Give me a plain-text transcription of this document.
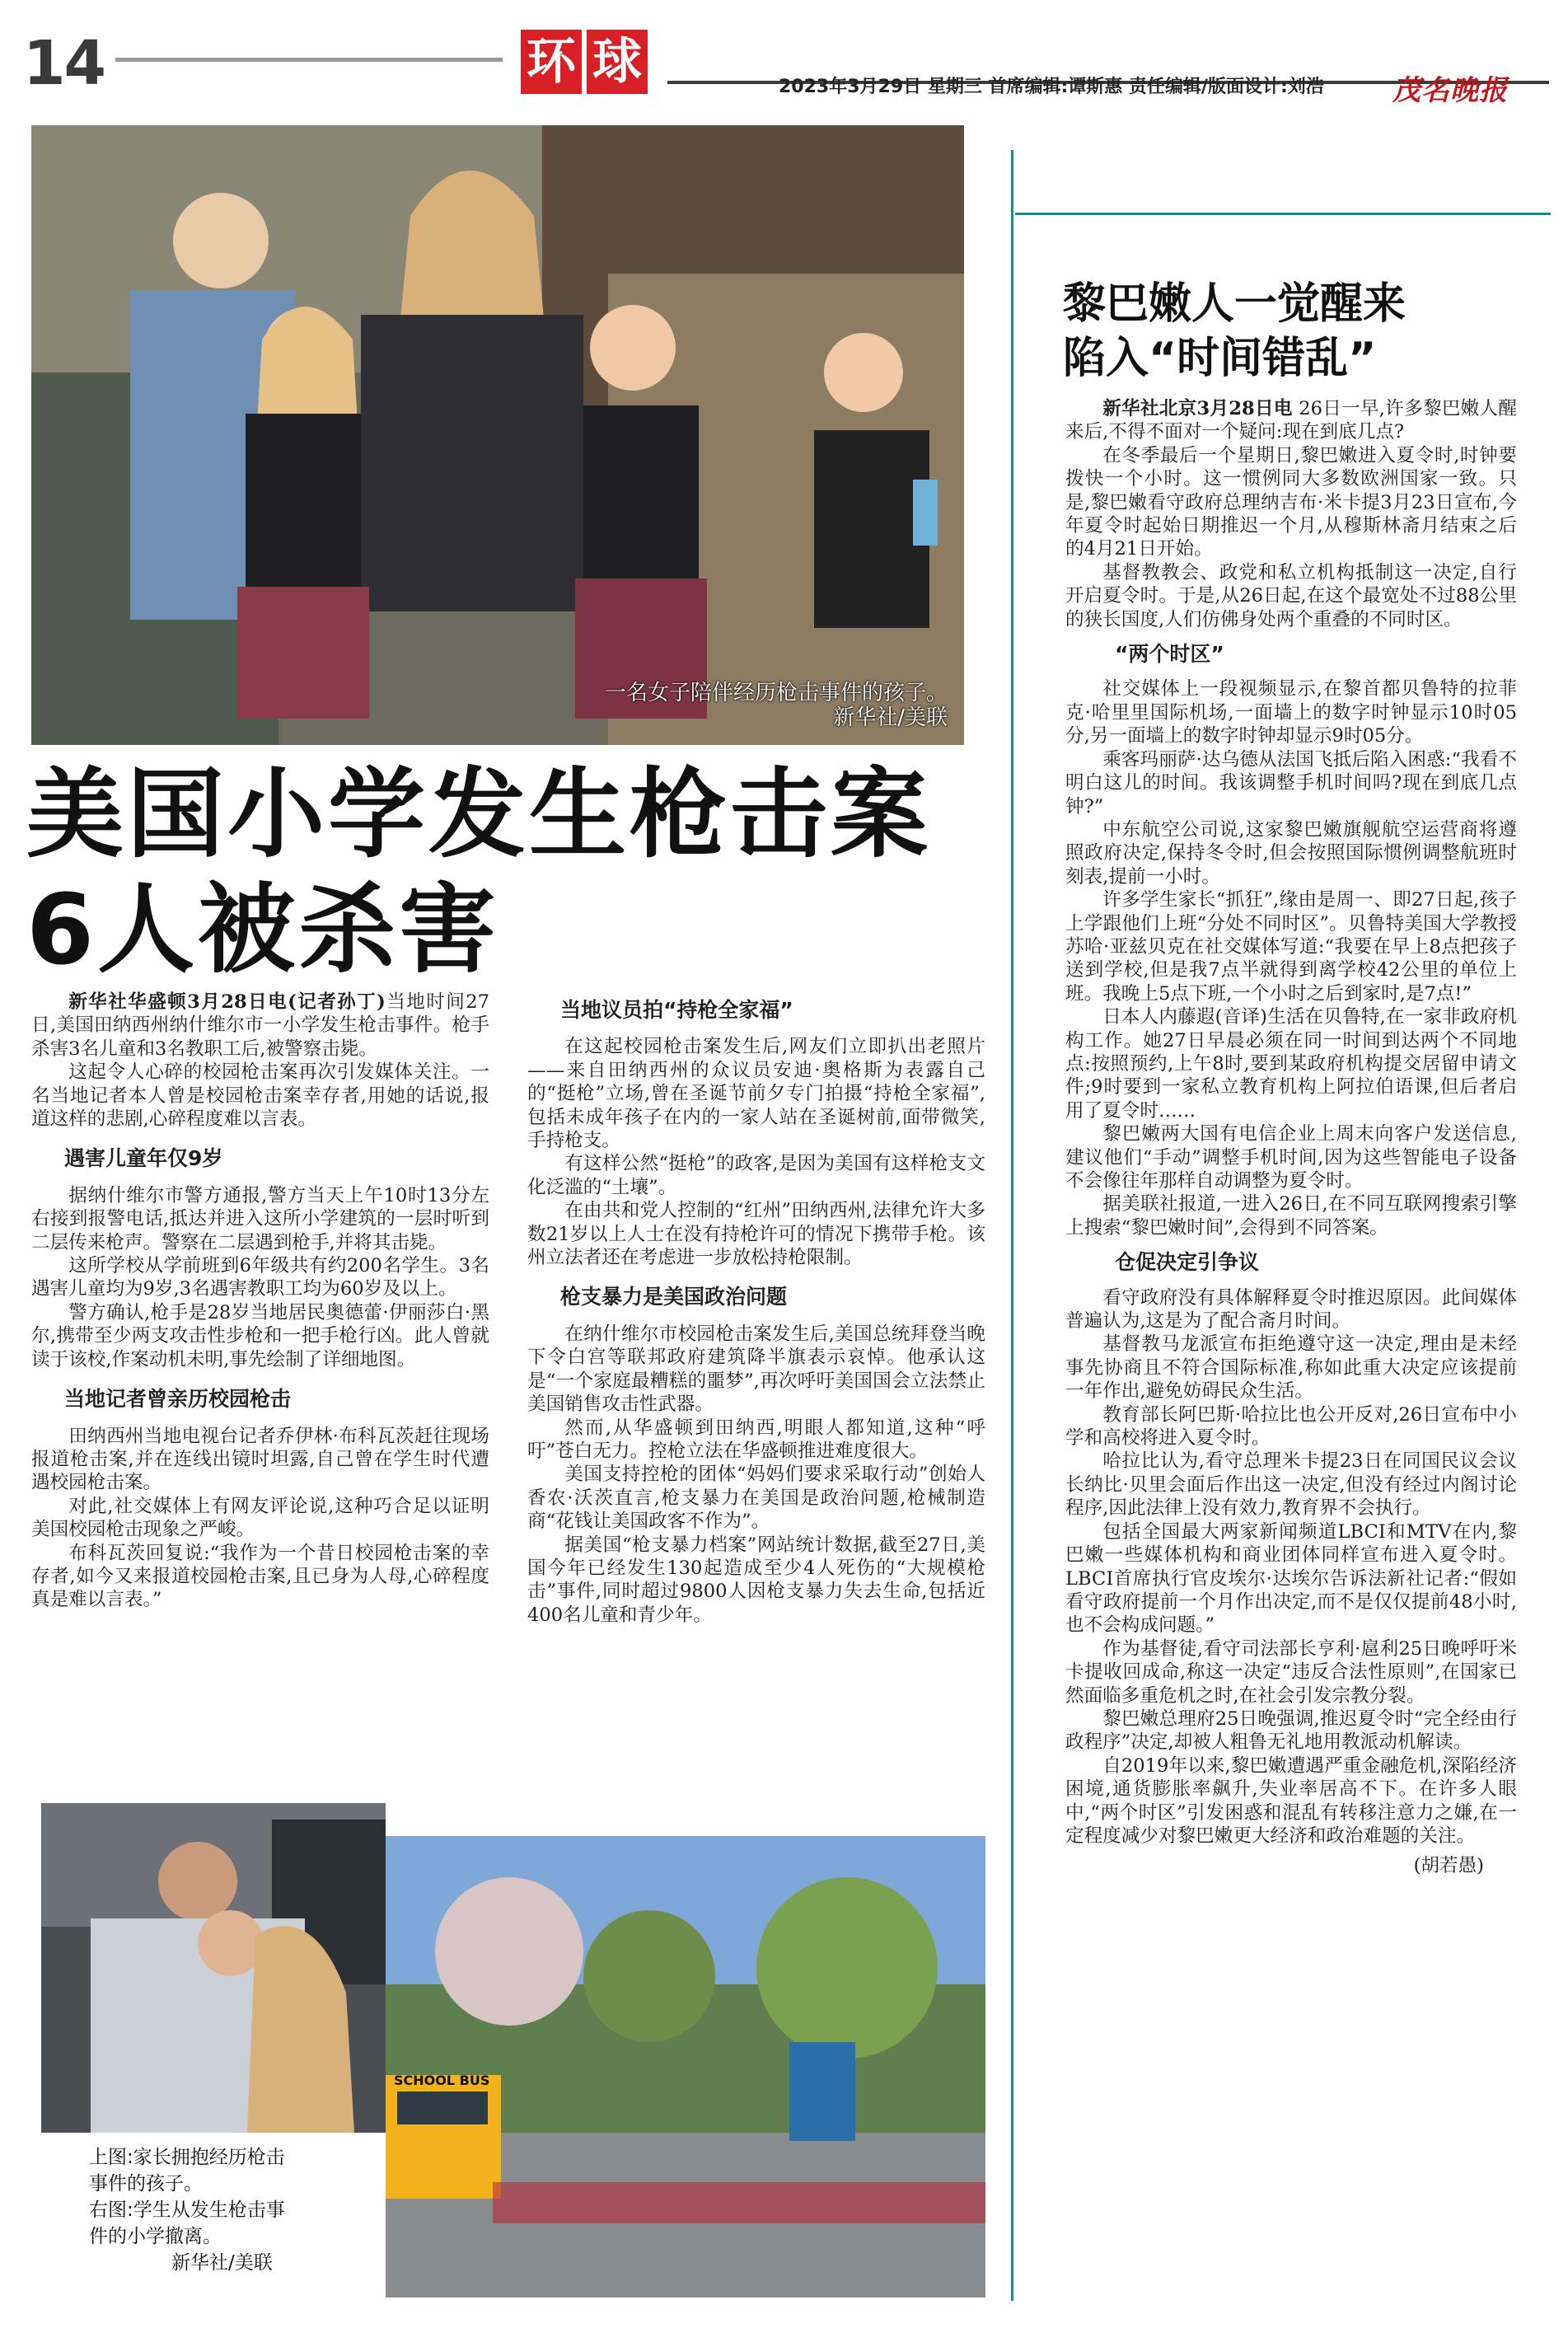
14	环 球	2023年3月29日 星期三 首席编辑:谭斯惠 责任编辑/版面设计:刘浩 茂名晚报
一名女子陪伴经历枪击事件的孩子。
新华社/美联
美国小学发生枪击案
6人被杀害

新华社华盛顿3月28日电(记者孙丁)当地时间27日,美国田纳西州纳什维尔市一小学发生枪击事件。枪手杀害3名儿童和3名教职工后,被警察击毙。

这起令人心碎的校园枪击案再次引发媒体关注。一名当地记者本人曾是校园枪击案幸存者,用她的话说,报道这样的悲剧,心碎程度难以言表。

遇害儿童年仅9岁

据纳什维尔市警方通报,警方当天上午10时13分左右接到报警电话,抵达并进入这所小学建筑的一层时听到二层传来枪声。警察在二层遇到枪手,并将其击毙。

这所学校从学前班到6年级共有约200名学生。3名遇害儿童均为9岁,3名遇害教职工均为60岁及以上。

警方确认,枪手是28岁当地居民奥德蕾·伊丽莎白·黑尔,携带至少两支攻击性步枪和一把手枪行凶。此人曾就读于该校,作案动机未明,事先绘制了详细地图。

当地记者曾亲历校园枪击

田纳西州当地电视台记者乔伊林·布科瓦茨赶往现场报道枪击案,并在连线出镜时坦露,自己曾在学生时代遭遇校园枪击案。

对此,社交媒体上有网友评论说,这种巧合足以证明美国校园枪击现象之严峻。

布科瓦茨回复说:“我作为一个昔日校园枪击案的幸存者,如今又来报道校园枪击案,且已身为人母,心碎程度真是难以言表。”

当地议员拍“持枪全家福”

在这起校园枪击案发生后,网友们立即扒出老照片——来自田纳西州的众议员安迪·奥格斯为表露自己的“挺枪”立场,曾在圣诞节前夕专门拍摄“持枪全家福”,包括未成年孩子在内的一家人站在圣诞树前,面带微笑,手持枪支。

有这样公然“挺枪”的政客,是因为美国有这样枪支文化泛滥的“土壤”。

在由共和党人控制的“红州”田纳西州,法律允许大多数21岁以上人士在没有持枪许可的情况下携带手枪。该州立法者还在考虑进一步放松持枪限制。

枪支暴力是美国政治问题

在纳什维尔市校园枪击案发生后,美国总统拜登当晚下令白宫等联邦政府建筑降半旗表示哀悼。他承认这是“一个家庭最糟糕的噩梦”,再次呼吁美国国会立法禁止美国销售攻击性武器。

然而,从华盛顿到田纳西,明眼人都知道,这种“呼吁”苍白无力。控枪立法在华盛顿推进难度很大。

美国支持控枪的团体“妈妈们要求采取行动”创始人香农·沃茨直言,枪支暴力在美国是政治问题,枪械制造商“花钱让美国政客不作为”。

据美国“枪支暴力档案”网站统计数据,截至27日,美国今年已经发生130起造成至少4人死伤的“大规模枪击”事件,同时超过9800人因枪支暴力失去生命,包括近400名儿童和青少年。

SCHOOL BUS
上图:家长拥抱经历枪击
事件的孩子。
右图:学生从发生枪击事
件的小学撤离。
新华社/美联
黎巴嫩人一觉醒来
陷入“时间错乱”

新华社北京3月28日电 26日一早,许多黎巴嫩人醒来后,不得不面对一个疑问:现在到底几点?

在冬季最后一个星期日,黎巴嫩进入夏令时,时钟要拨快一个小时。这一惯例同大多数欧洲国家一致。只是,黎巴嫩看守政府总理纳吉布·米卡提3月23日宣布,今年夏令时起始日期推迟一个月,从穆斯林斋月结束之后的4月21日开始。

基督教教会、政党和私立机构抵制这一决定,自行开启夏令时。于是,从26日起,在这个最宽处不过88公里的狭长国度,人们仿佛身处两个重叠的不同时区。

“两个时区”

社交媒体上一段视频显示,在黎首都贝鲁特的拉菲克·哈里里国际机场,一面墙上的数字时钟显示10时05分,另一面墙上的数字时钟却显示9时05分。

乘客玛丽萨·达乌德从法国飞抵后陷入困惑:“我看不明白这儿的时间。我该调整手机时间吗?现在到底几点钟?”

中东航空公司说,这家黎巴嫩旗舰航空运营商将遵照政府决定,保持冬令时,但会按照国际惯例调整航班时刻表,提前一小时。

许多学生家长“抓狂”,缘由是周一、即27日起,孩子上学跟他们上班“分处不同时区”。贝鲁特美国大学教授苏哈·亚兹贝克在社交媒体写道:“我要在早上8点把孩子送到学校,但是我7点半就得到离学校42公里的单位上班。我晚上5点下班,一个小时之后到家时,是7点!”

日本人内藤遐(音译)生活在贝鲁特,在一家非政府机构工作。她27日早晨必须在同一时间到达两个不同地点:按照预约,上午8时,要到某政府机构提交居留申请文件;9时要到一家私立教育机构上阿拉伯语课,但后者启用了夏令时……

黎巴嫩两大国有电信企业上周末向客户发送信息,建议他们“手动”调整手机时间,因为这些智能电子设备不会像往年那样自动调整为夏令时。

据美联社报道,一进入26日,在不同互联网搜索引擎上搜索“黎巴嫩时间”,会得到不同答案。

仓促决定引争议

看守政府没有具体解释夏令时推迟原因。此间媒体普遍认为,这是为了配合斋月时间。

基督教马龙派宣布拒绝遵守这一决定,理由是未经事先协商且不符合国际标准,称如此重大决定应该提前一年作出,避免妨碍民众生活。

教育部长阿巴斯·哈拉比也公开反对,26日宣布中小学和高校将进入夏令时。

哈拉比认为,看守总理米卡提23日在同国民议会议长纳比·贝里会面后作出这一决定,但没有经过内阁讨论程序,因此法律上没有效力,教育界不会执行。

包括全国最大两家新闻频道LBCI和MTV在内,黎巴嫩一些媒体机构和商业团体同样宣布进入夏令时。LBCI首席执行官皮埃尔·达埃尔告诉法新社记者:“假如看守政府提前一个月作出决定,而不是仅仅提前48小时,也不会构成问题。”

作为基督徒,看守司法部长亨利·扈利25日晚呼吁米卡提收回成命,称这一决定“违反合法性原则”,在国家已然面临多重危机之时,在社会引发宗教分裂。

黎巴嫩总理府25日晚强调,推迟夏令时“完全经由行政程序”决定,却被人粗鲁无礼地用教派动机解读。

自2019年以来,黎巴嫩遭遇严重金融危机,深陷经济困境,通货膨胀率飙升,失业率居高不下。在许多人眼中,“两个时区”引发困惑和混乱有转移注意力之嫌,在一定程度减少对黎巴嫩更大经济和政治难题的关注。

(胡若愚)
